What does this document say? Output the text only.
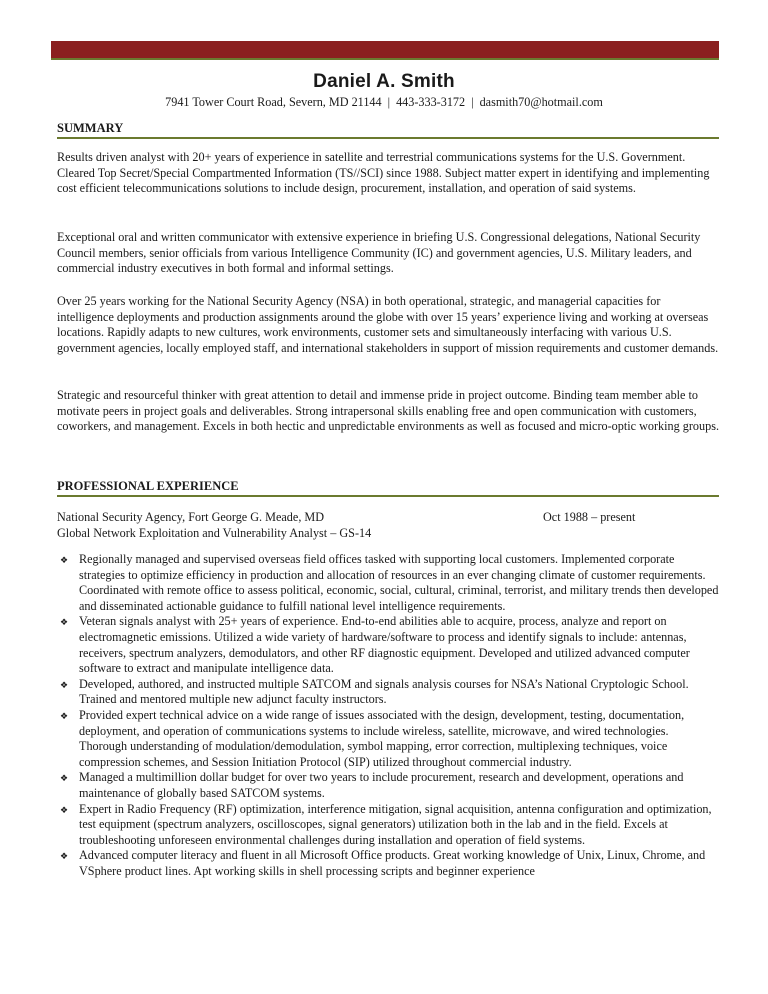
Daniel A. Smith
7941 Tower Court Road, Severn, MD 21144 | 443-333-3172 | dasmith70@hotmail.com
SUMMARY

Results driven analyst with 20+ years of experience in satellite and terrestrial communications systems for the U.S. Government. Cleared Top Secret/Special Compartmented Information (TS//SCI) since 1988. Subject matter expert in identifying and implementing cost efficient telecommunications solutions to include design, procurement, installation, and operation of said systems.

Exceptional oral and written communicator with extensive experience in briefing U.S. Congressional delegations, National Security Council members, senior officials from various Intelligence Community (IC) and government agencies, U.S. Military leaders, and commercial industry executives in both formal and informal settings.

Over 25 years working for the National Security Agency (NSA) in both operational, strategic, and managerial capacities for intelligence deployments and production assignments around the globe with over 15 years’ experience living and working at overseas locations. Rapidly adapts to new cultures, work environments, customer sets and simultaneously interfacing with various U.S. government agencies, locally employed staff, and international stakeholders in support of mission requirements and customer demands.

Strategic and resourceful thinker with great attention to detail and immense pride in project outcome. Binding team member able to motivate peers in project goals and deliverables. Strong intrapersonal skills enabling free and open communication with customers, coworkers, and management. Excels in both hectic and unpredictable environments as well as focused and micro-optic working groups.

PROFESSIONAL EXPERIENCE
National Security Agency, Fort George G. Meade, MD	Oct 1988 – present
Global Network Exploitation and Vulnerability Analyst – GS-14
❖ Regionally managed and supervised overseas field offices tasked with supporting local customers. Implemented corporate strategies to optimize efficiency in production and allocation of resources in an ever changing climate of customer requirements. Coordinated with remote office to assess political, economic, social, cultural, criminal, terrorist, and military trends then developed and disseminated actionable guidance to fulfill national level intelligence requirements.
❖ Veteran signals analyst with 25+ years of experience. End-to-end abilities able to acquire, process, analyze and report on electromagnetic emissions. Utilized a wide variety of hardware/software to process and identify signals to include: antennas, receivers, spectrum analyzers, demodulators, and other RF diagnostic equipment. Developed and utilized advanced computer software to extract and manipulate intelligence data.
❖ Developed, authored, and instructed multiple SATCOM and signals analysis courses for NSA’s National Cryptologic School. Trained and mentored multiple new adjunct faculty instructors.
❖ Provided expert technical advice on a wide range of issues associated with the design, development, testing, documentation, deployment, and operation of communications systems to include wireless, satellite, microwave, and wired technologies. Thorough understanding of modulation/demodulation, symbol mapping, error correction, multiplexing techniques, voice compression schemes, and Session Initiation Protocol (SIP) utilized throughout commercial industry.
❖ Managed a multimillion dollar budget for over two years to include procurement, research and development, operations and maintenance of globally based SATCOM systems.
❖ Expert in Radio Frequency (RF) optimization, interference mitigation, signal acquisition, antenna configuration and optimization, test equipment (spectrum analyzers, oscilloscopes, signal generators) utilization both in the lab and in the field. Excels at troubleshooting unforeseen environmental challenges during installation and operation of field systems.
❖ Advanced computer literacy and fluent in all Microsoft Office products. Great working knowledge of Unix, Linux, Chrome, and VSphere product lines. Apt working skills in shell processing scripts and beginner experience
